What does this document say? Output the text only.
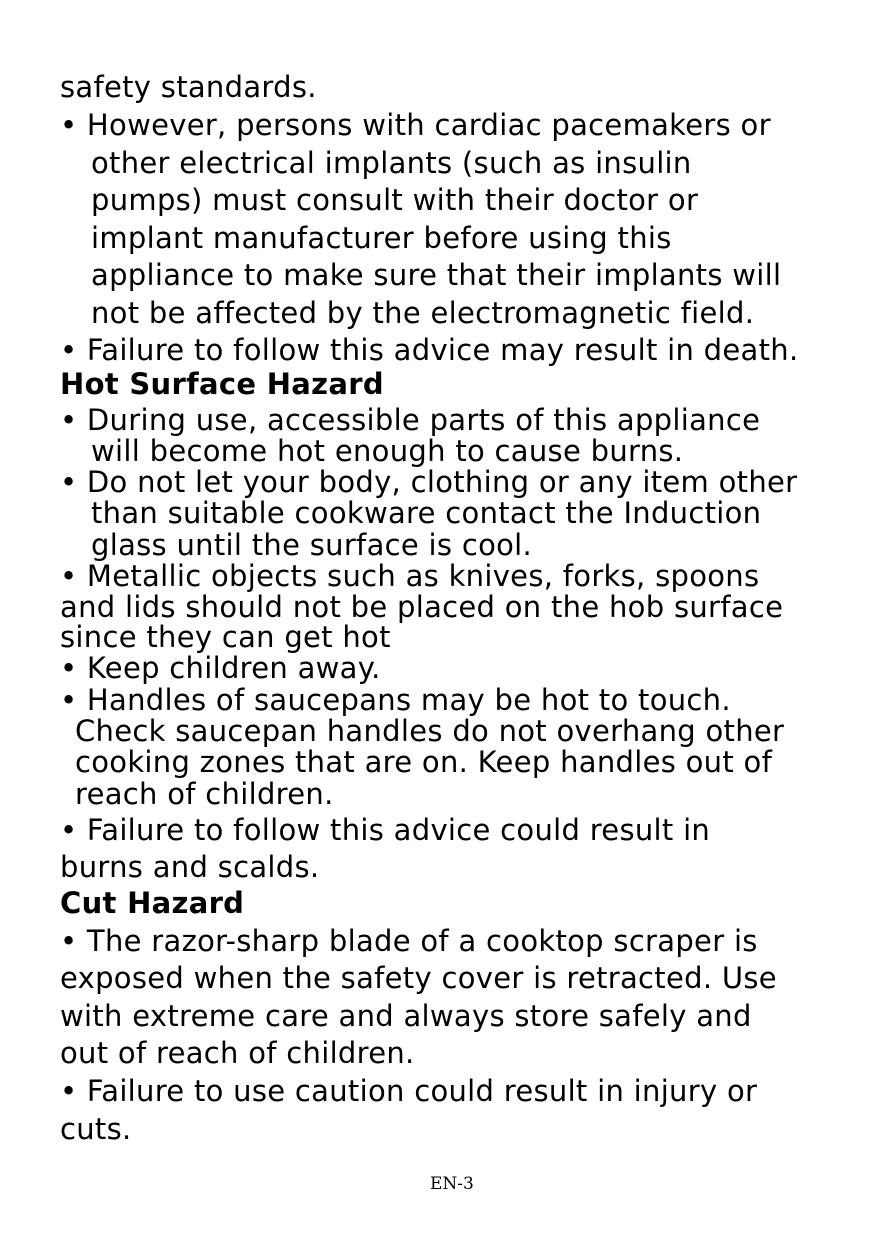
safety standards.
• However, persons with cardiac pacemakers or
other electrical implants (such as insulin
pumps) must consult with their doctor or
implant manufacturer before using this
appliance to make sure that their implants will
not be affected by the electromagnetic field.
• Failure to follow this advice may result in death.
Hot Surface Hazard
• During use, accessible parts of this appliance
will become hot enough to cause burns.
• Do not let your body, clothing or any item other
than suitable cookware contact the Induction
glass until the surface is cool.
• Metallic objects such as knives, forks, spoons
and lids should not be placed on the hob surface
since they can get hot
• Keep children away.
• Handles of saucepans may be hot to touch.
Check saucepan handles do not overhang other
cooking zones that are on. Keep handles out of
reach of children.
• Failure to follow this advice could result in
burns and scalds.
Cut Hazard
• The razor-sharp blade of a cooktop scraper is
exposed when the safety cover is retracted. Use
with extreme care and always store safely and
out of reach of children.
• Failure to use caution could result in injury or
cuts.
EN-3
